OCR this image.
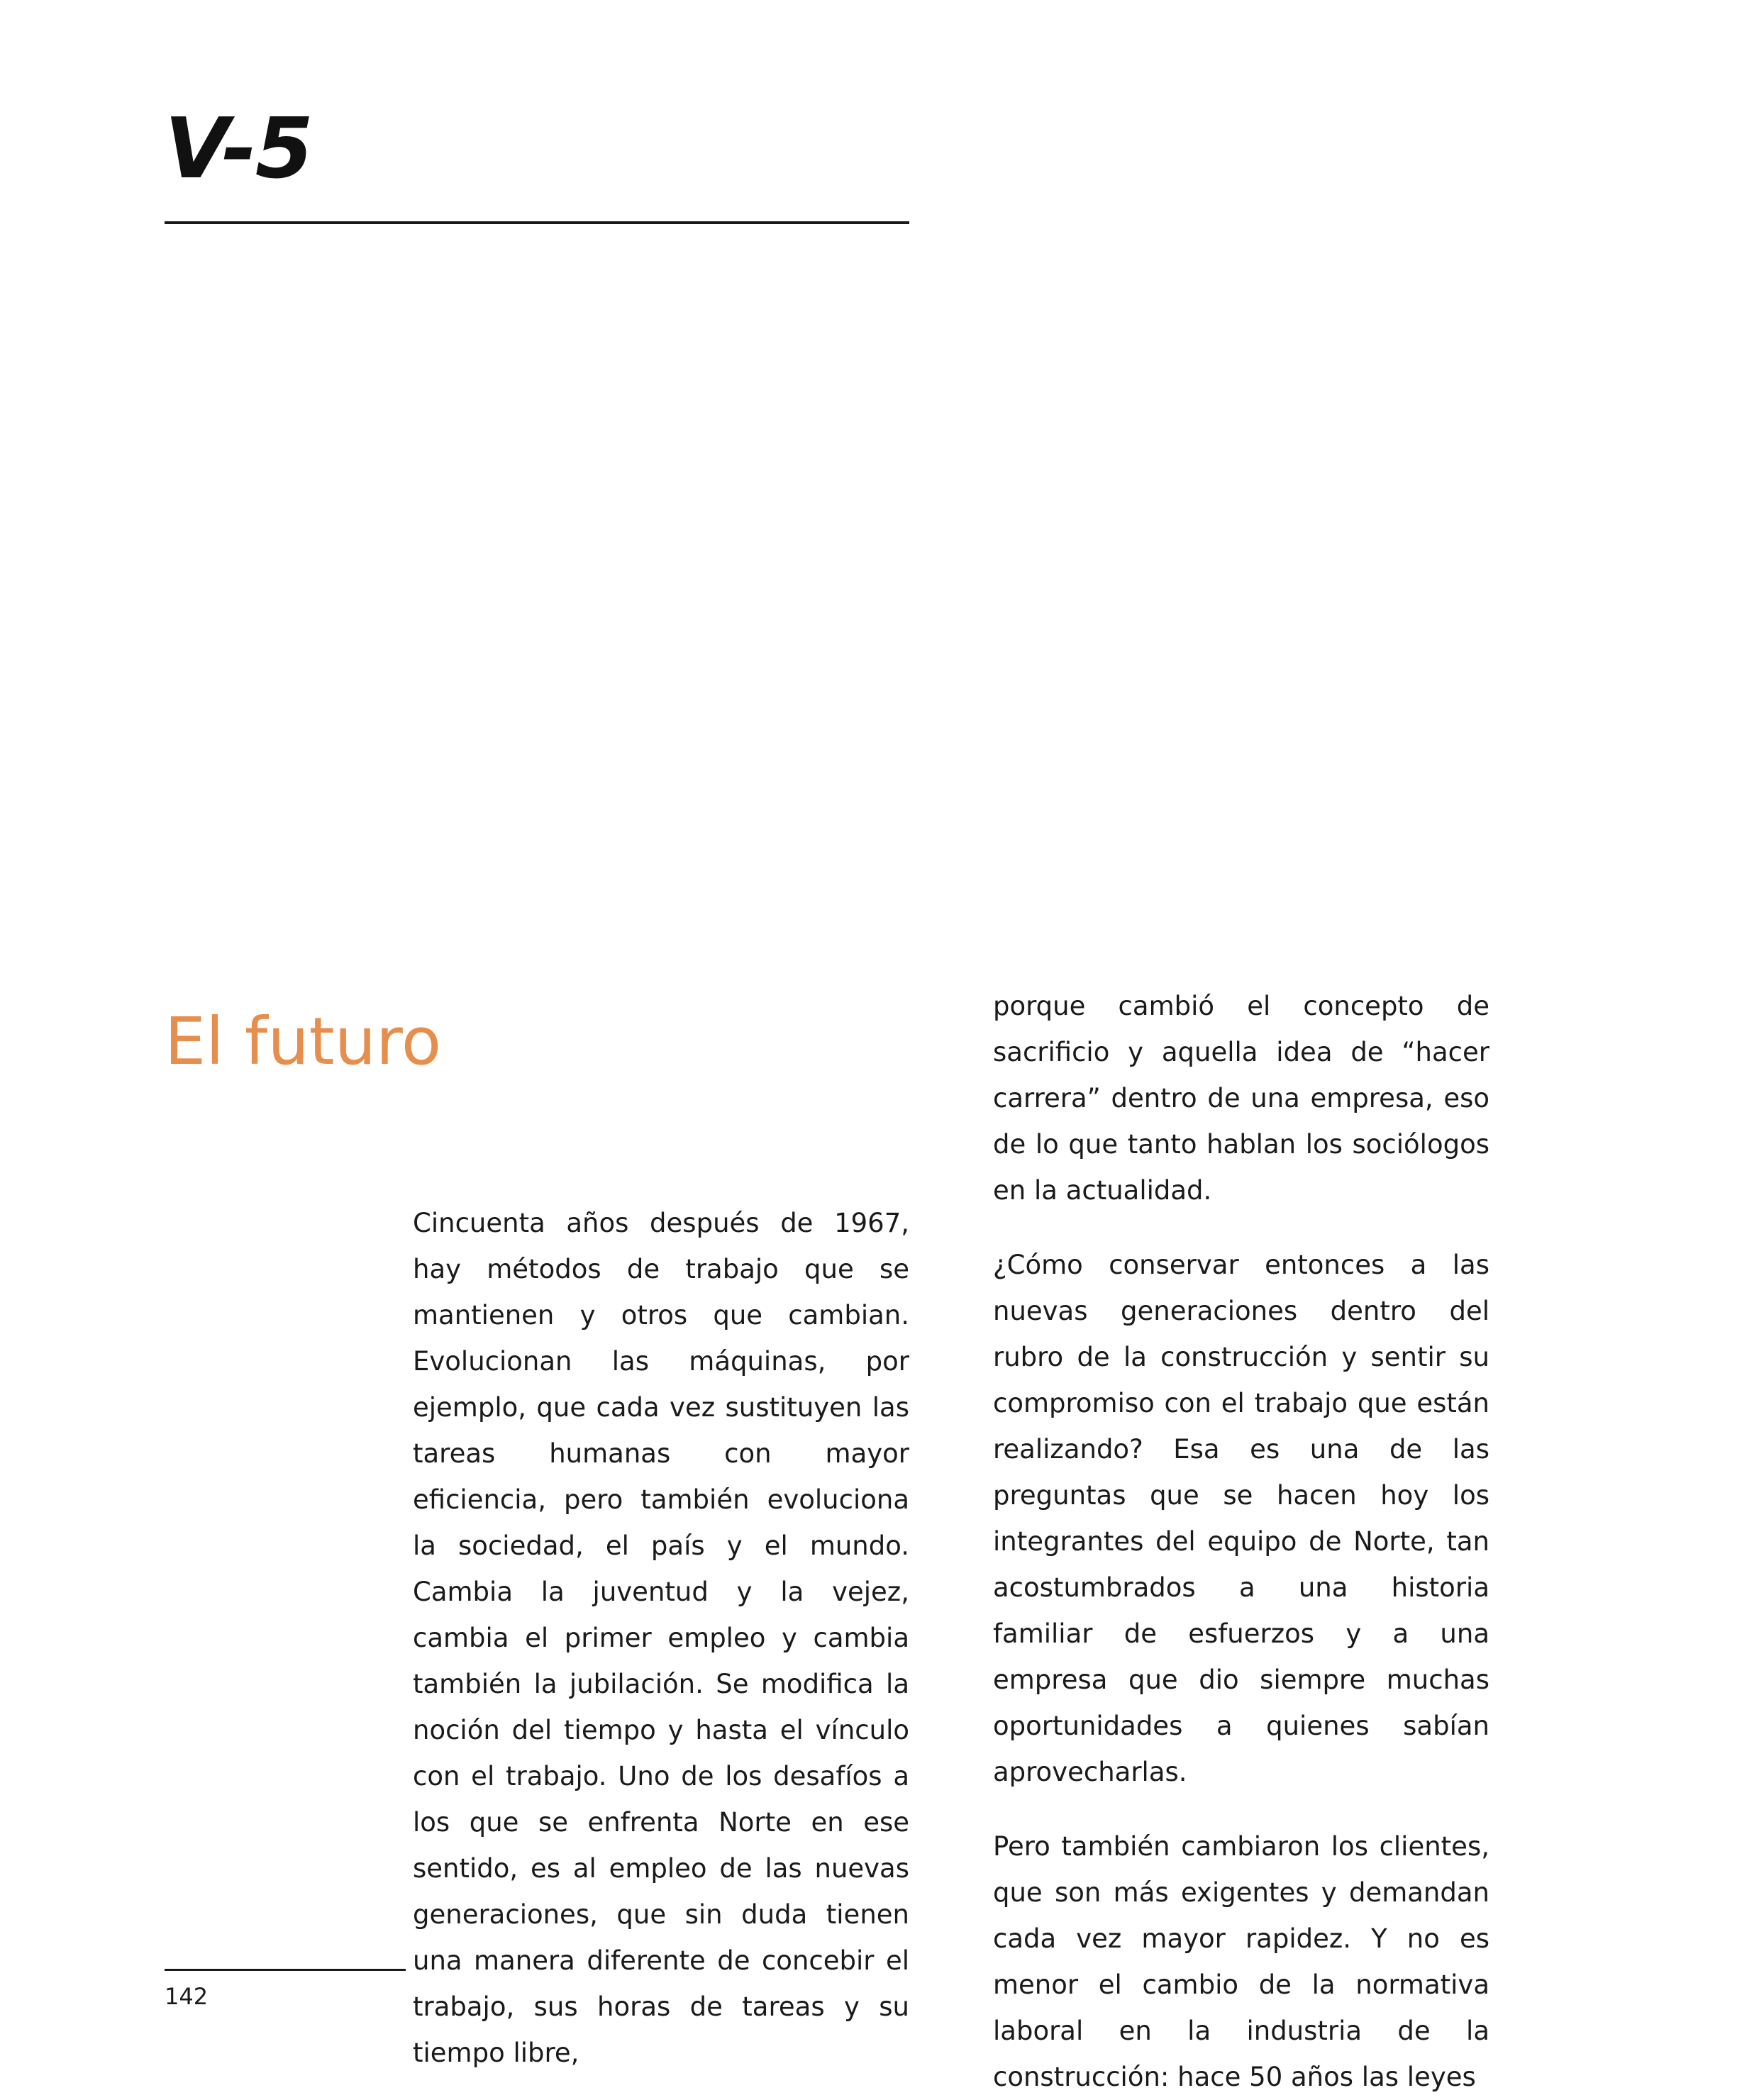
V-5
El futuro

Cincuenta años después de 1967, hay métodos de trabajo que se mantienen y otros que cambian. Evolucionan las máquinas, por ejemplo, que cada vez sustituyen las tareas humanas con mayor eficiencia, pero también evoluciona la sociedad, el país y el mundo. Cambia la juventud y la vejez, cambia el primer empleo y cambia también la jubilación. Se modifica la noción del tiempo y hasta el vínculo con el trabajo. Uno de los desafíos a los que se enfrenta Norte en ese sentido, es al empleo de las nuevas generaciones, que sin duda tienen una manera diferente de concebir el trabajo, sus horas de tareas y su tiempo libre,

porque cambió el concepto de sacrificio y aquella idea de “hacer carrera” dentro de una empresa, eso de lo que tanto hablan los sociólogos en la actualidad.

¿Cómo conservar entonces a las nuevas generaciones dentro del rubro de la construcción y sentir su compromiso con el trabajo que están realizando? Esa es una de las preguntas que se hacen hoy los integrantes del equipo de Norte, tan acostumbrados a una historia familiar de esfuerzos y a una empresa que dio siempre muchas oportunidades a quienes sabían aprovecharlas.

Pero también cambiaron los clientes, que son más exigentes y demandan cada vez mayor rapidez. Y no es menor el cambio de la normativa laboral en la industria de la construcción: hace 50 años las leyes

142
